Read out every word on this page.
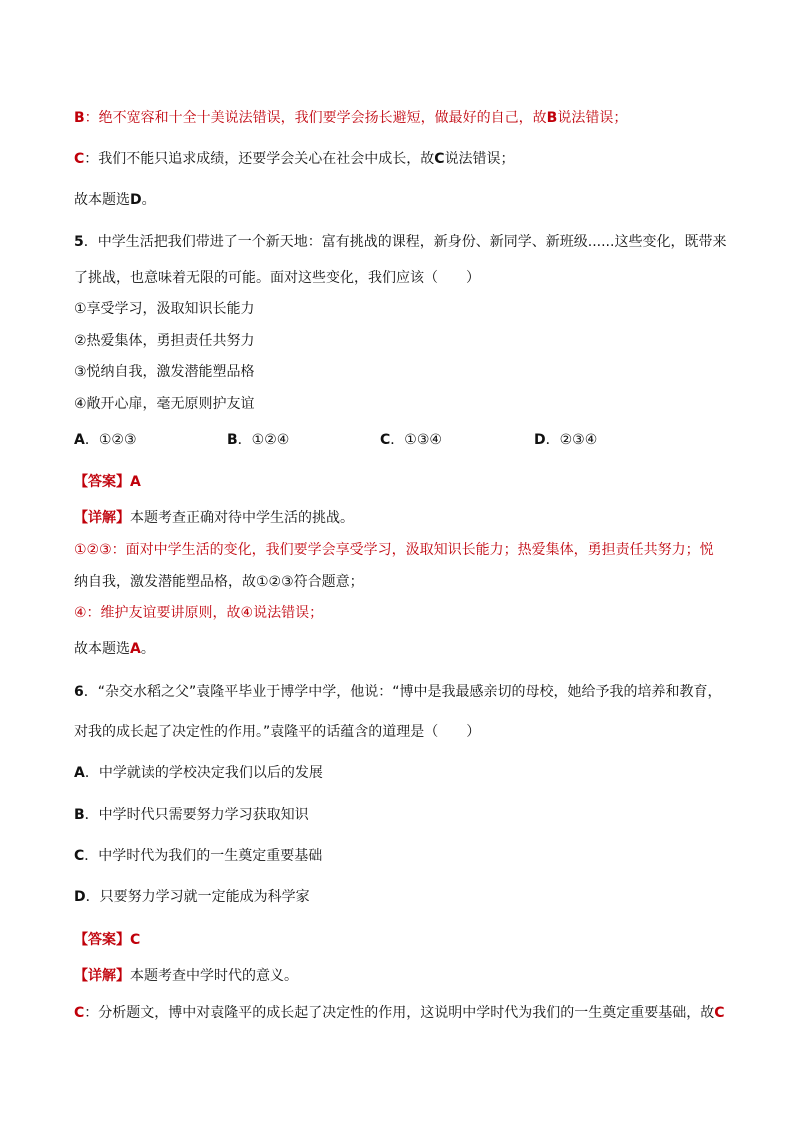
B：绝不宽容和十全十美说法错误，我们要学会扬长避短，做最好的自己，故B说法错误；
C：我们不能只追求成绩，还要学会关心在社会中成长，故C说法错误；
故本题选D。
5．中学生活把我们带进了一个新天地：富有挑战的课程，新身份、新同学、新班级......这些变化，既带来
了挑战，也意味着无限的可能。面对这些变化，我们应该（　　）
①享受学习，汲取知识长能力
②热爱集体，勇担责任共努力
③悦纳自我，激发潜能塑品格
④敞开心扉，毫无原则护友谊
A．①②③	B．①②④	C．①③④	D．②③④
【答案】A
【详解】本题考查正确对待中学生活的挑战。
①②③：面对中学生活的变化，我们要学会享受学习，汲取知识长能力；热爱集体，勇担责任共努力；悦
纳自我，激发潜能塑品格，故①②③符合题意；
④：维护友谊要讲原则，故④说法错误；
故本题选A。
6．“杂交水稻之父”袁隆平毕业于博学中学，他说：“博中是我最感亲切的母校，她给予我的培养和教育，
对我的成长起了决定性的作用。”袁隆平的话蕴含的道理是（　　）
A．中学就读的学校决定我们以后的发展
B．中学时代只需要努力学习获取知识
C．中学时代为我们的一生奠定重要基础
D．只要努力学习就一定能成为科学家
【答案】C
【详解】本题考查中学时代的意义。
C：分析题文，博中对袁隆平的成长起了决定性的作用，这说明中学时代为我们的一生奠定重要基础，故C
